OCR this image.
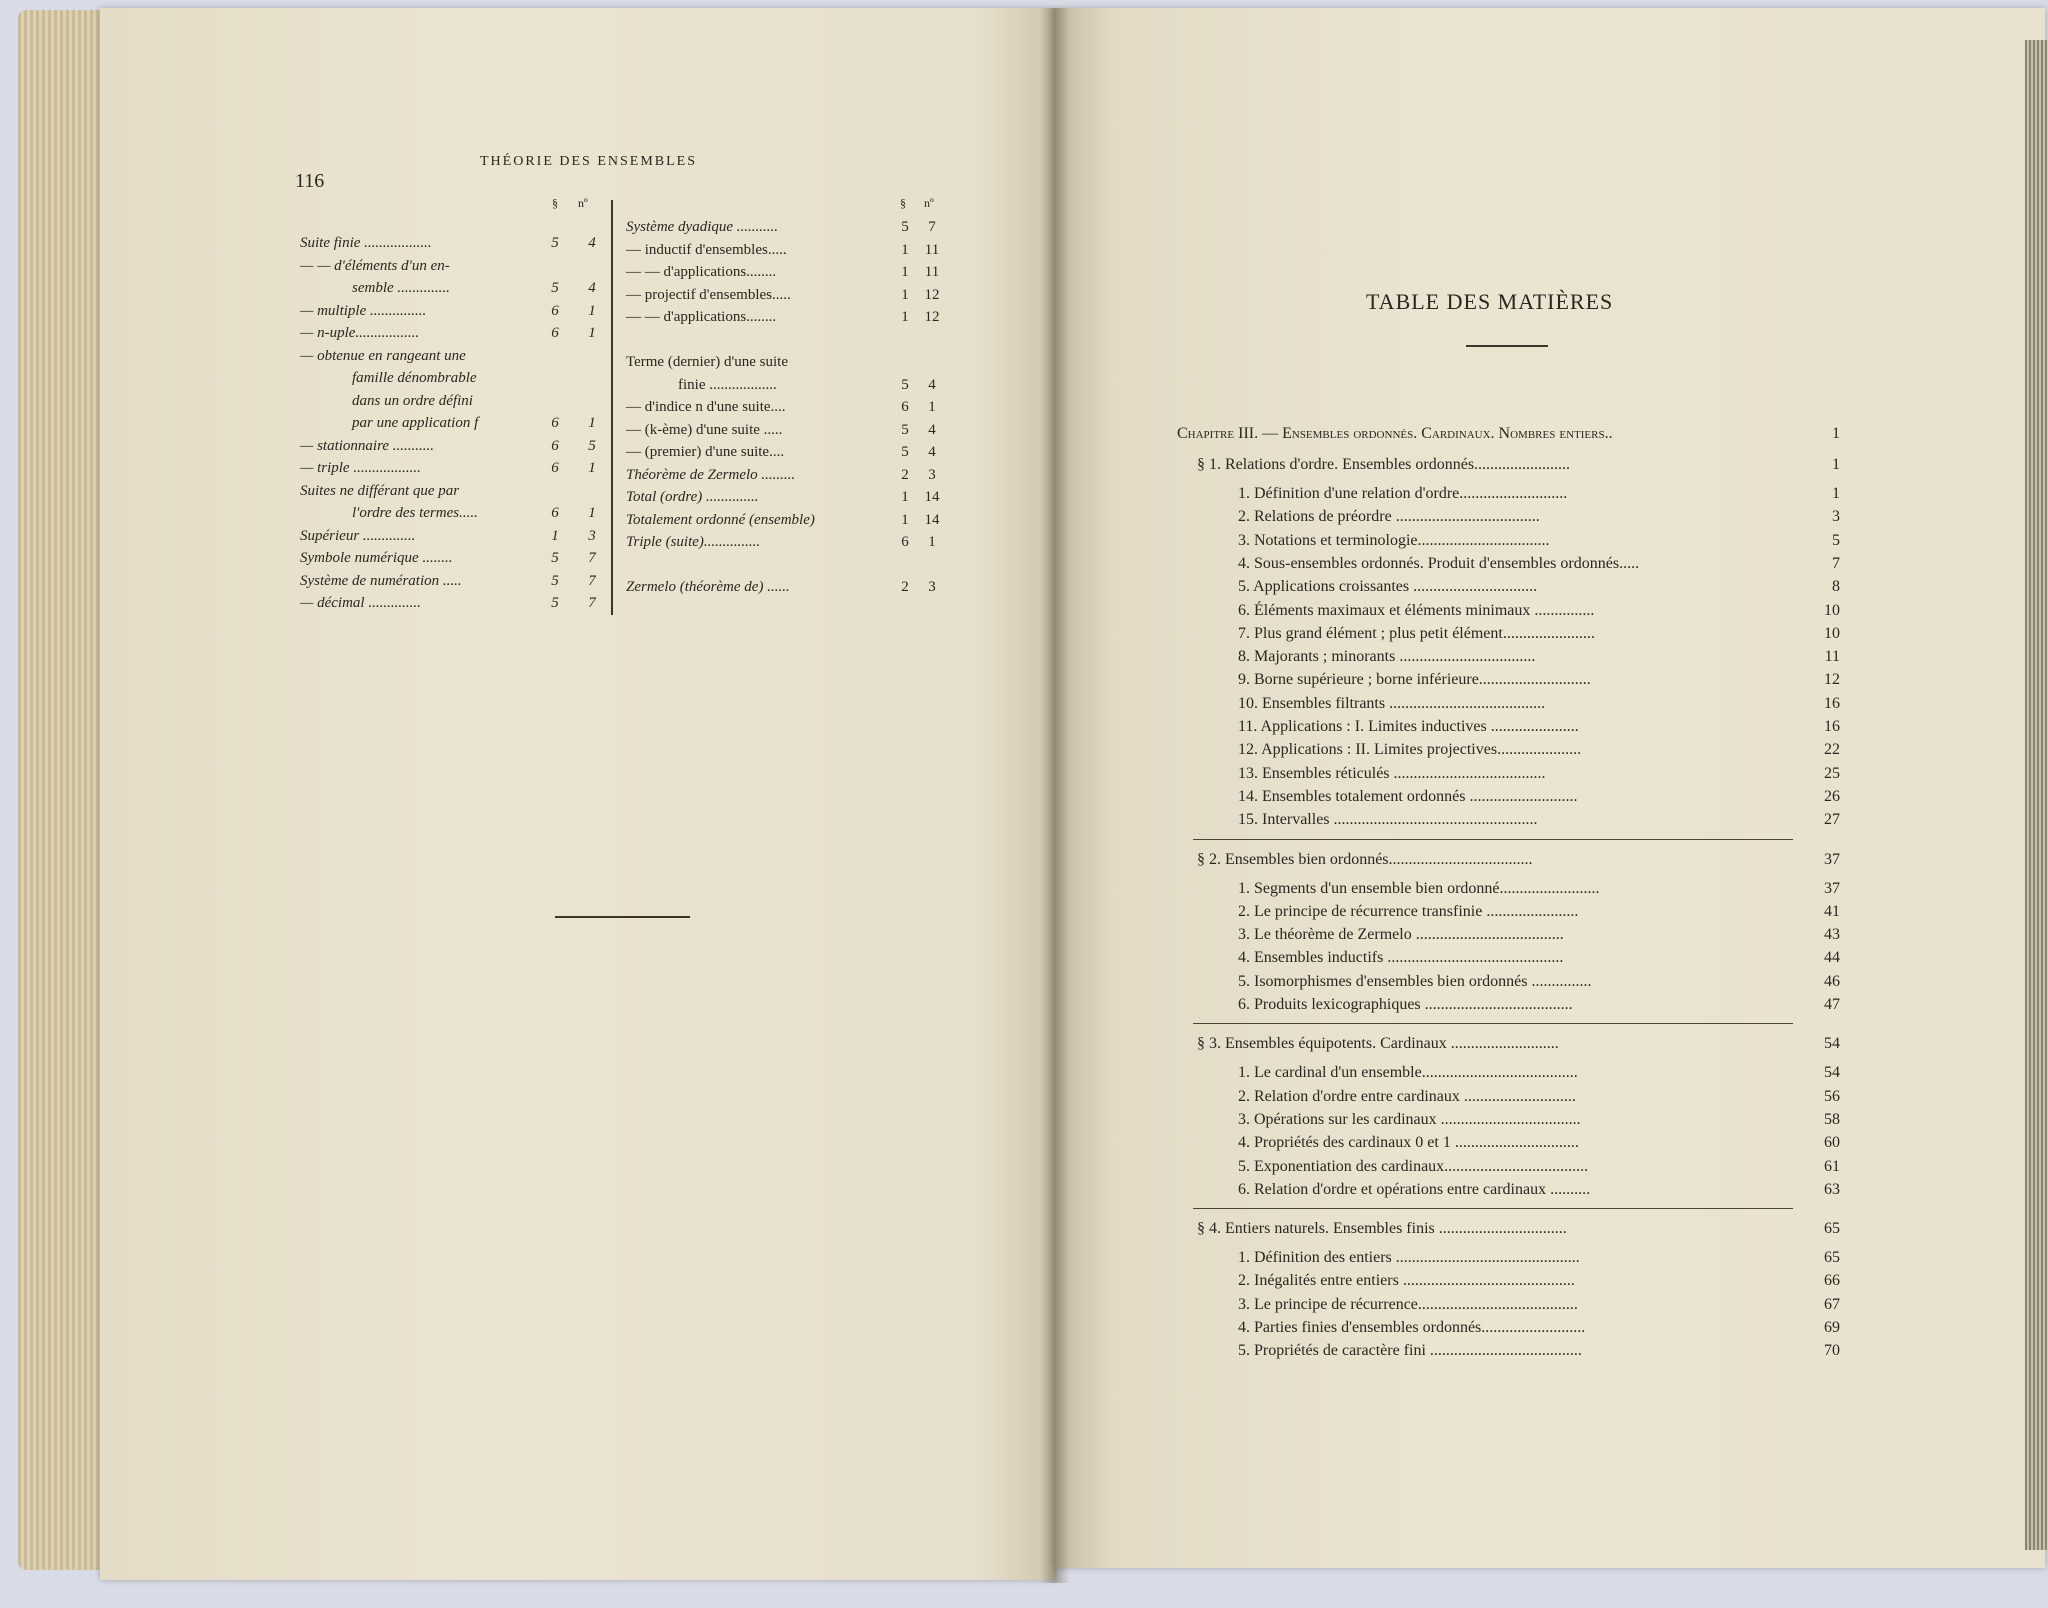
116
THÉORIE DES ENSEMBLES
§ nº	§ nº
Suite finie ..................	5	4
— — d'éléments d'un en-
semble ..............	5	4
— multiple ...............	6	1
— n-uple.................	6	1
— obtenue en rangeant une
famille dénombrable
dans un ordre défini
par une application f	6	1
— stationnaire ...........	6	5
— triple ..................	6	1
Suites ne différant que par
l'ordre des termes.....	6	1
Supérieur ..............	1	3
Symbole numérique ........	5	7
Système de numération .....	5	7
— décimal ..............	5	7
Système dyadique ...........	5	7
— inductif d'ensembles.....	1 11
— — d'applications........	1 11
— projectif d'ensembles.....	1 12
— — d'applications........	1 12
Terme (dernier) d'une suite
finie ..................	5	4
— d'indice n d'une suite....	6	1
— (k-ème) d'une suite .....	5	4
— (premier) d'une suite....	5	4
Théorème de Zermelo .........	2	3
Total (ordre) ..............	1 14
Totalement ordonné (ensemble)	1 14
Triple (suite)...............	6	1
Zermelo (théorème de) ......	2	3
TABLE DES MATIÈRES
Chapitre III. — Ensembles ordonnés. Cardinaux. Nombres entiers..	1
§ 1. Relations d'ordre. Ensembles ordonnés........................	1
1. Définition d'une relation d'ordre...........................	1
2. Relations de préordre ....................................	3
3. Notations et terminologie.................................	5
4. Sous-ensembles ordonnés. Produit d'ensembles ordonnés.....	7
5. Applications croissantes ...............................	8
6. Éléments maximaux et éléments minimaux ...............	10
7. Plus grand élément ; plus petit élément.......................	10
8. Majorants ; minorants ..................................	11
9. Borne supérieure ; borne inférieure............................	12
10. Ensembles filtrants .......................................	16
11. Applications : I. Limites inductives ......................	16
12. Applications : II. Limites projectives.....................	22
13. Ensembles réticulés ......................................	25
14. Ensembles totalement ordonnés ...........................	26
15. Intervalles ...................................................	27
§ 2. Ensembles bien ordonnés....................................	37
1. Segments d'un ensemble bien ordonné.........................	37
2. Le principe de récurrence transfinie .......................	41
3. Le théorème de Zermelo .....................................	43
4. Ensembles inductifs ............................................	44
5. Isomorphismes d'ensembles bien ordonnés ...............	46
6. Produits lexicographiques .....................................	47
§ 3. Ensembles équipotents. Cardinaux ...........................	54
1. Le cardinal d'un ensemble.......................................	54
2. Relation d'ordre entre cardinaux ............................	56
3. Opérations sur les cardinaux ...................................	58
4. Propriétés des cardinaux 0 et 1 ...............................	60
5. Exponentiation des cardinaux....................................	61
6. Relation d'ordre et opérations entre cardinaux ..........	63
§ 4. Entiers naturels. Ensembles finis ................................	65
1. Définition des entiers ..............................................	65
2. Inégalités entre entiers ...........................................	66
3. Le principe de récurrence........................................	67
4. Parties finies d'ensembles ordonnés..........................	69
5. Propriétés de caractère fini ......................................	70
